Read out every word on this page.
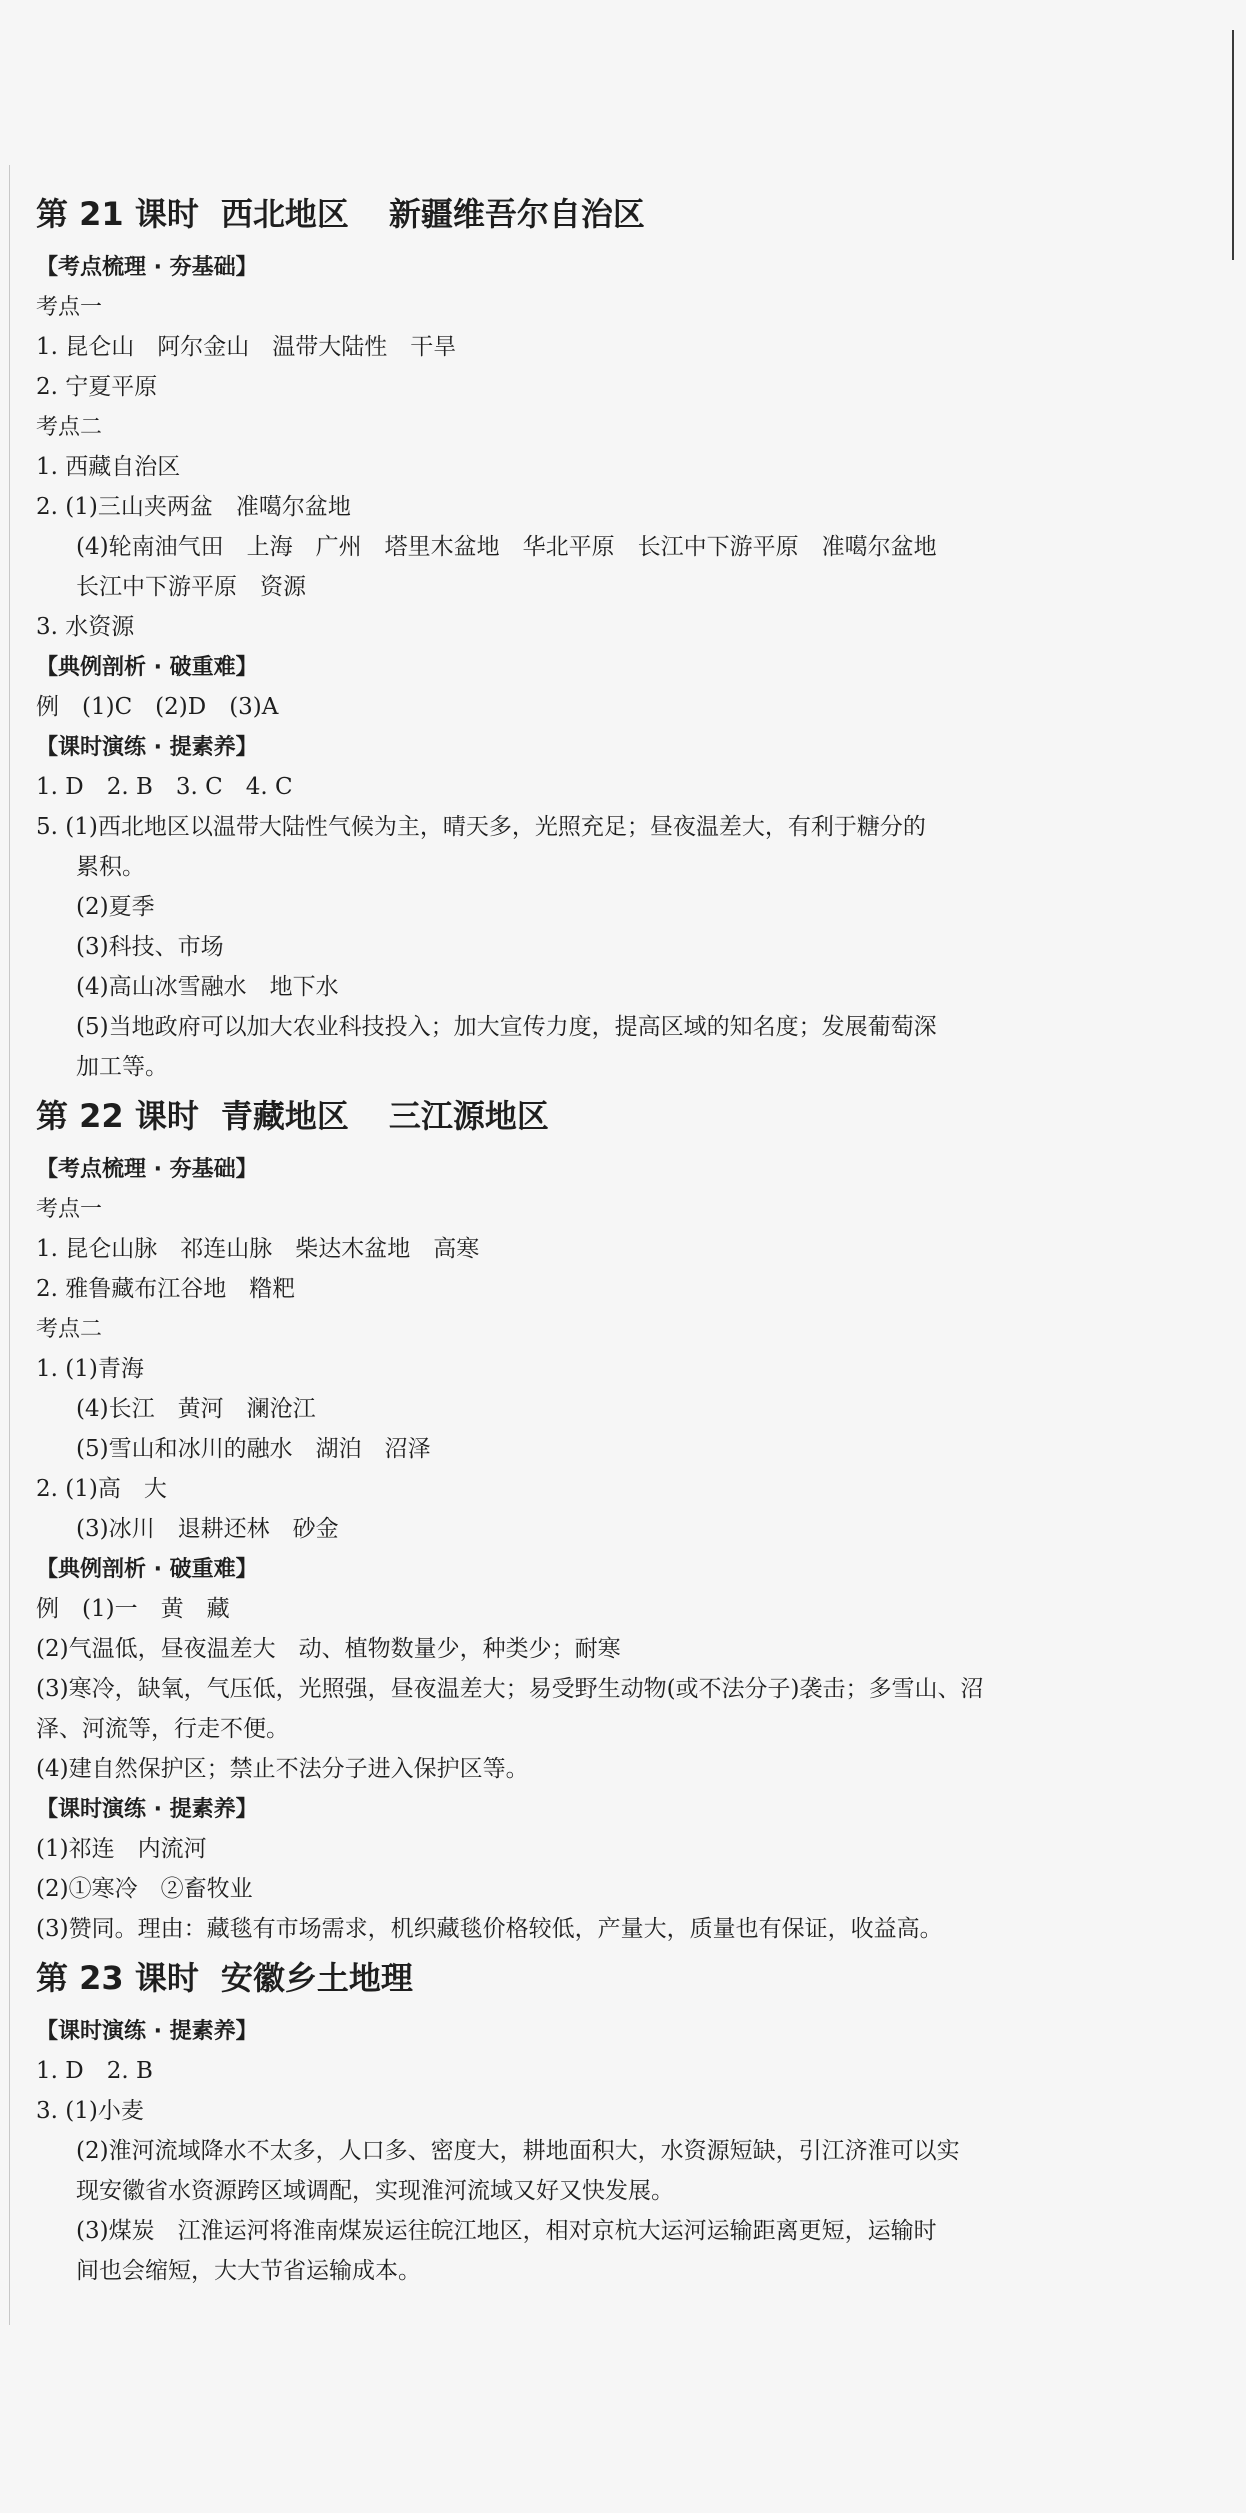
第 21 课时 西北地区 新疆维吾尔自治区
【考点梳理 · 夯基础】
考点一
1. 昆仑山　阿尔金山　温带大陆性　干旱
2. 宁夏平原
考点二
1. 西藏自治区
2. (1)三山夹两盆　准噶尔盆地
(4)轮南油气田　上海　广州　塔里木盆地　华北平原　长江中下游平原　准噶尔盆地
长江中下游平原　资源
3. 水资源
【典例剖析 · 破重难】
例　(1)C　(2)D　(3)A
【课时演练 · 提素养】
1. D　2. B　3. C　4. C
5. (1)西北地区以温带大陆性气候为主，晴天多，光照充足；昼夜温差大，有利于糖分的
累积。
(2)夏季
(3)科技、市场
(4)高山冰雪融水　地下水
(5)当地政府可以加大农业科技投入；加大宣传力度，提高区域的知名度；发展葡萄深
加工等。
第 22 课时 青藏地区 三江源地区
【考点梳理 · 夯基础】
考点一
1. 昆仑山脉　祁连山脉　柴达木盆地　高寒
2. 雅鲁藏布江谷地　糌粑
考点二
1. (1)青海
(4)长江　黄河　澜沧江
(5)雪山和冰川的融水　湖泊　沼泽
2. (1)高　大
(3)冰川　退耕还林　砂金
【典例剖析 · 破重难】
例　(1)一　黄　藏
(2)气温低，昼夜温差大　动、植物数量少，种类少；耐寒
(3)寒冷，缺氧，气压低，光照强，昼夜温差大；易受野生动物(或不法分子)袭击；多雪山、沼
泽、河流等，行走不便。
(4)建自然保护区；禁止不法分子进入保护区等。
【课时演练 · 提素养】
(1)祁连　内流河
(2)①寒冷　②畜牧业
(3)赞同。理由：藏毯有市场需求，机织藏毯价格较低，产量大，质量也有保证，收益高。
第 23 课时 安徽乡土地理
【课时演练 · 提素养】
1. D　2. B
3. (1)小麦
(2)淮河流域降水不太多，人口多、密度大，耕地面积大，水资源短缺，引江济淮可以实
现安徽省水资源跨区域调配，实现淮河流域又好又快发展。
(3)煤炭　江淮运河将淮南煤炭运往皖江地区，相对京杭大运河运输距离更短，运输时
间也会缩短，大大节省运输成本。
